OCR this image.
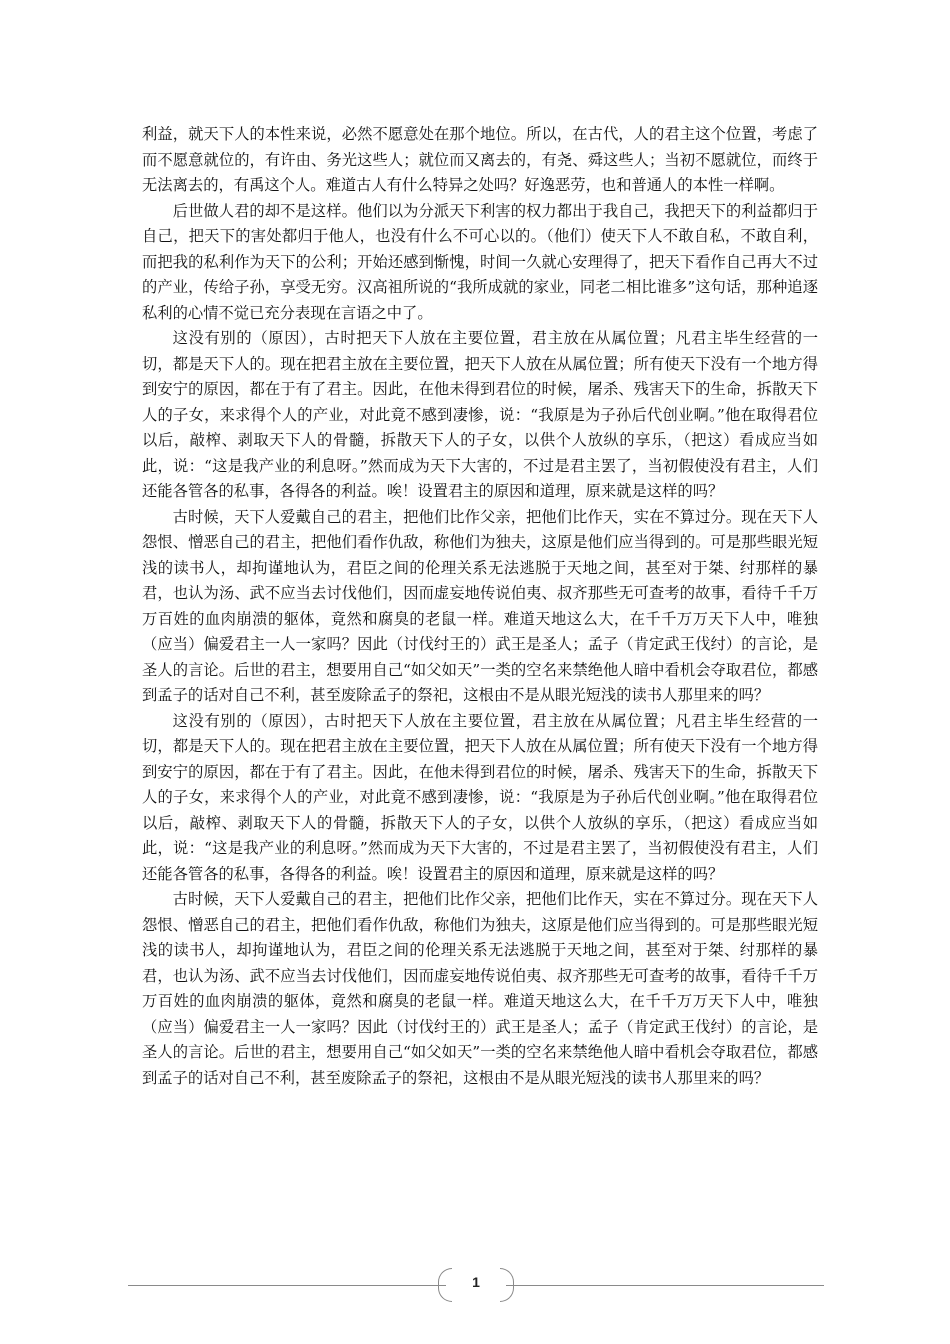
利益，就天下人的本性来说，必然不愿意处在那个地位。所以，在古代，人的君主这个位置，考虑了而不愿意就位的，有许由、务光这些人；就位而又离去的，有尧、舜这些人；当初不愿就位，而终于无法离去的，有禹这个人。难道古人有什么特异之处吗？好逸恶劳，也和普通人的本性一样啊。

后世做人君的却不是这样。他们以为分派天下利害的权力都出于我自己，我把天下的利益都归于自己，把天下的害处都归于他人，也没有什么不可心以的。（他们）使天下人不敢自私，不敢自利，而把我的私利作为天下的公利；开始还感到惭愧，时间一久就心安理得了，把天下看作自己再大不过的产业，传给子孙，享受无穷。汉高祖所说的“我所成就的家业，同老二相比谁多”这句话，那种追逐私利的心情不觉已充分表现在言语之中了。

这没有别的（原因），古时把天下人放在主要位置，君主放在从属位置；凡君主毕生经营的一切，都是天下人的。现在把君主放在主要位置，把天下人放在从属位置；所有使天下没有一个地方得到安宁的原因，都在于有了君主。因此，在他未得到君位的时候，屠杀、残害天下的生命，拆散天下人的子女，来求得个人的产业，对此竟不感到凄惨，说：“我原是为子孙后代创业啊。”他在取得君位以后，敲榨、剥取天下人的骨髓，拆散天下人的子女，以供个人放纵的享乐，（把这）看成应当如此，说：“这是我产业的利息呀。”然而成为天下大害的，不过是君主罢了，当初假使没有君主，人们还能各管各的私事，各得各的利益。唉！设置君主的原因和道理，原来就是这样的吗？

古时候，天下人爱戴自己的君主，把他们比作父亲，把他们比作天，实在不算过分。现在天下人怨恨、憎恶自己的君主，把他们看作仇敌，称他们为独夫，这原是他们应当得到的。可是那些眼光短浅的读书人，却拘谨地认为，君臣之间的伦理关系无法逃脱于天地之间，甚至对于桀、纣那样的暴君，也认为汤、武不应当去讨伐他们，因而虚妄地传说伯夷、叔齐那些无可查考的故事，看待千千万万百姓的血肉崩溃的躯体，竟然和腐臭的老鼠一样。难道天地这么大，在千千万万天下人中，唯独（应当）偏爱君主一人一家吗？因此（讨伐纣王的）武王是圣人；孟子（肯定武王伐纣）的言论，是圣人的言论。后世的君主，想要用自己“如父如天”一类的空名来禁绝他人暗中看机会夺取君位，都感到孟子的话对自己不利，甚至废除孟子的祭祀，这根由不是从眼光短浅的读书人那里来的吗？

这没有别的（原因），古时把天下人放在主要位置，君主放在从属位置；凡君主毕生经营的一切，都是天下人的。现在把君主放在主要位置，把天下人放在从属位置；所有使天下没有一个地方得到安宁的原因，都在于有了君主。因此，在他未得到君位的时候，屠杀、残害天下的生命，拆散天下人的子女，来求得个人的产业，对此竟不感到凄惨，说：“我原是为子孙后代创业啊。”他在取得君位以后，敲榨、剥取天下人的骨髓，拆散天下人的子女，以供个人放纵的享乐，（把这）看成应当如此，说：“这是我产业的利息呀。”然而成为天下大害的，不过是君主罢了，当初假使没有君主，人们还能各管各的私事，各得各的利益。唉！设置君主的原因和道理，原来就是这样的吗？

古时候，天下人爱戴自己的君主，把他们比作父亲，把他们比作天，实在不算过分。现在天下人怨恨、憎恶自己的君主，把他们看作仇敌，称他们为独夫，这原是他们应当得到的。可是那些眼光短浅的读书人，却拘谨地认为，君臣之间的伦理关系无法逃脱于天地之间，甚至对于桀、纣那样的暴君，也认为汤、武不应当去讨伐他们，因而虚妄地传说伯夷、叔齐那些无可查考的故事，看待千千万万百姓的血肉崩溃的躯体，竟然和腐臭的老鼠一样。难道天地这么大，在千千万万天下人中，唯独（应当）偏爱君主一人一家吗？因此（讨伐纣王的）武王是圣人；孟子（肯定武王伐纣）的言论，是圣人的言论。后世的君主，想要用自己“如父如天”一类的空名来禁绝他人暗中看机会夺取君位，都感到孟子的话对自己不利，甚至废除孟子的祭祀，这根由不是从眼光短浅的读书人那里来的吗？

1
